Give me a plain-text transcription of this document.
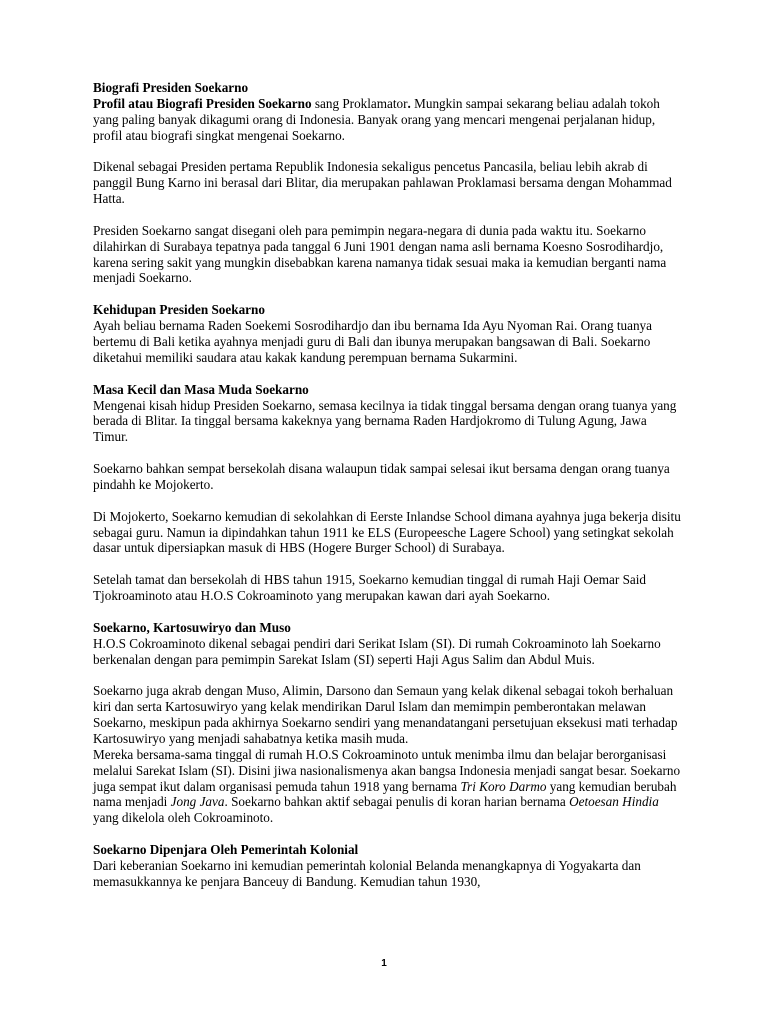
Biografi Presiden Soekarno
Profil atau Biografi Presiden Soekarno sang Proklamator. Mungkin sampai sekarang beliau adalah tokoh yang paling banyak dikagumi orang di Indonesia. Banyak orang yang mencari mengenai perjalanan hidup, profil atau biografi singkat mengenai Soekarno.

Dikenal sebagai Presiden pertama Republik Indonesia sekaligus pencetus Pancasila, beliau lebih akrab di panggil Bung Karno ini berasal dari Blitar, dia merupakan pahlawan Proklamasi bersama dengan Mohammad Hatta.

Presiden Soekarno sangat disegani oleh para pemimpin negara-negara di dunia pada waktu itu. Soekarno dilahirkan di Surabaya tepatnya pada tanggal 6 Juni 1901 dengan nama asli bernama Koesno Sosrodihardjo, karena sering sakit yang mungkin disebabkan karena namanya tidak sesuai maka ia kemudian berganti nama menjadi Soekarno.

Kehidupan Presiden Soekarno
Ayah beliau bernama Raden Soekemi Sosrodihardjo dan ibu bernama Ida Ayu Nyoman Rai. Orang tuanya bertemu di Bali ketika ayahnya menjadi guru di Bali dan ibunya merupakan bangsawan di Bali. Soekarno diketahui memiliki saudara atau kakak kandung perempuan bernama Sukarmini.

Masa Kecil dan Masa Muda Soekarno
Mengenai kisah hidup Presiden Soekarno, semasa kecilnya ia tidak tinggal bersama dengan orang tuanya yang berada di Blitar. Ia tinggal bersama kakeknya yang bernama Raden Hardjokromo di Tulung Agung, Jawa Timur.

Soekarno bahkan sempat bersekolah disana walaupun tidak sampai selesai ikut bersama dengan orang tuanya pindahh ke Mojokerto.

Di Mojokerto, Soekarno kemudian di sekolahkan di Eerste Inlandse School dimana ayahnya juga bekerja disitu sebagai guru. Namun ia dipindahkan tahun 1911 ke ELS (Europeesche Lagere School) yang setingkat sekolah dasar untuk dipersiapkan masuk di HBS (Hogere Burger School) di Surabaya.

Setelah tamat dan bersekolah di HBS tahun 1915, Soekarno kemudian tinggal di rumah Haji Oemar Said Tjokroaminoto atau H.O.S Cokroaminoto yang merupakan kawan dari ayah Soekarno.

Soekarno, Kartosuwiryo dan Muso
H.O.S Cokroaminoto dikenal sebagai pendiri dari Serikat Islam (SI). Di rumah Cokroaminoto lah Soekarno berkenalan dengan para pemimpin Sarekat Islam (SI) seperti Haji Agus Salim dan Abdul Muis.

Soekarno juga akrab dengan Muso, Alimin, Darsono dan Semaun yang kelak dikenal sebagai tokoh berhaluan kiri dan serta Kartosuwiryo yang kelak mendirikan Darul Islam dan memimpin pemberontakan melawan Soekarno, meskipun pada akhirnya Soekarno sendiri yang menandatangani persetujuan eksekusi mati terhadap Kartosuwiryo yang menjadi sahabatnya ketika masih muda.

Mereka bersama-sama tinggal di rumah H.O.S Cokroaminoto untuk menimba ilmu dan belajar berorganisasi melalui Sarekat Islam (SI). Disini jiwa nasionalismenya akan bangsa Indonesia menjadi sangat besar. Soekarno juga sempat ikut dalam organisasi pemuda tahun 1918 yang bernama Tri Koro Darmo yang kemudian berubah nama menjadi Jong Java. Soekarno bahkan aktif sebagai penulis di koran harian bernama Oetoesan Hindia yang dikelola oleh Cokroaminoto.

Soekarno Dipenjara Oleh Pemerintah Kolonial
Dari keberanian Soekarno ini kemudian pemerintah kolonial Belanda menangkapnya di Yogyakarta dan memasukkannya ke penjara Banceuy di Bandung. Kemudian tahun 1930,

1
